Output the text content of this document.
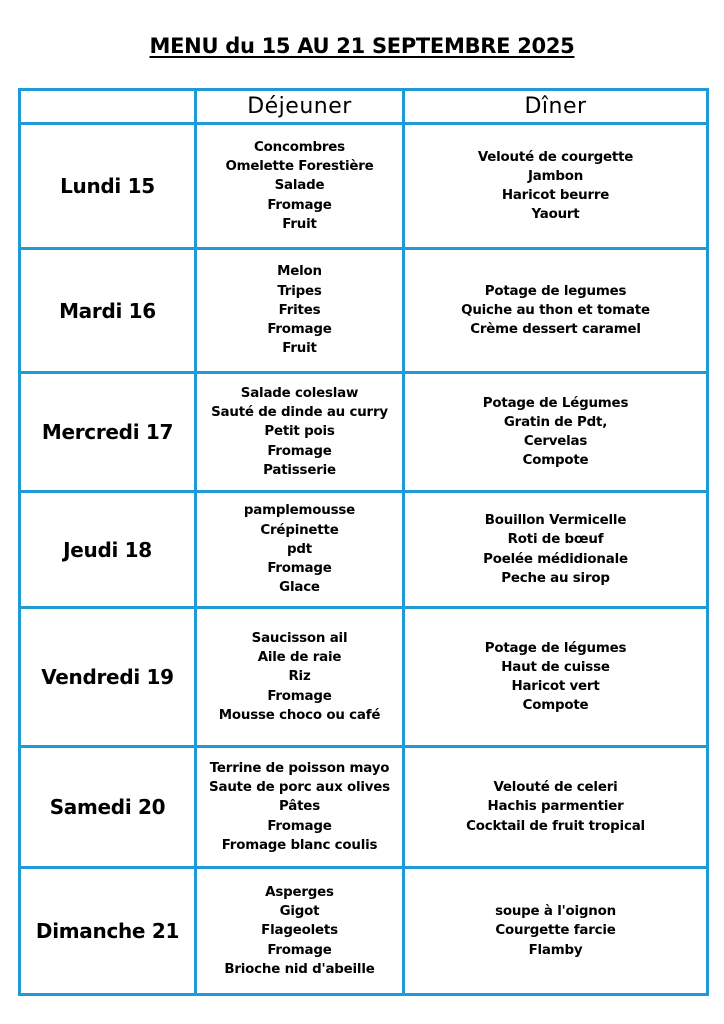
MENU du 15 AU 21 SEPTEMBRE 2025
	Déjeuner	Dîner
Lundi 15	Concombres
Omelette Forestière
Salade
Fromage
Fruit	Velouté de courgette
Jambon
Haricot beurre
Yaourt

Mardi 16	Melon
Tripes
Frites
Fromage
Fruit	Potage de legumes
Quiche au thon et tomate
Crème dessert caramel

Mercredi 17	Salade coleslaw
Sauté de dinde au curry
Petit pois
Fromage
Patisserie	Potage de Légumes
Gratin de Pdt,
Cervelas
Compote

Jeudi 18	pamplemousse
Crépinette
pdt
Fromage
Glace	Bouillon Vermicelle
Roti de bœuf
Poelée médidionale
Peche au sirop

Vendredi 19	Saucisson ail
Aile de raie
Riz
Fromage
Mousse choco ou café	Potage de légumes
Haut de cuisse
Haricot vert
Compote

Samedi 20	Terrine de poisson mayo
Saute de porc aux olives
Pâtes
Fromage
Fromage blanc coulis	Velouté de celeri
Hachis parmentier
Cocktail de fruit tropical

Dimanche 21	Asperges
Gigot
Flageolets
Fromage
Brioche nid d'abeille	soupe à l'oignon
Courgette farcie
Flamby
